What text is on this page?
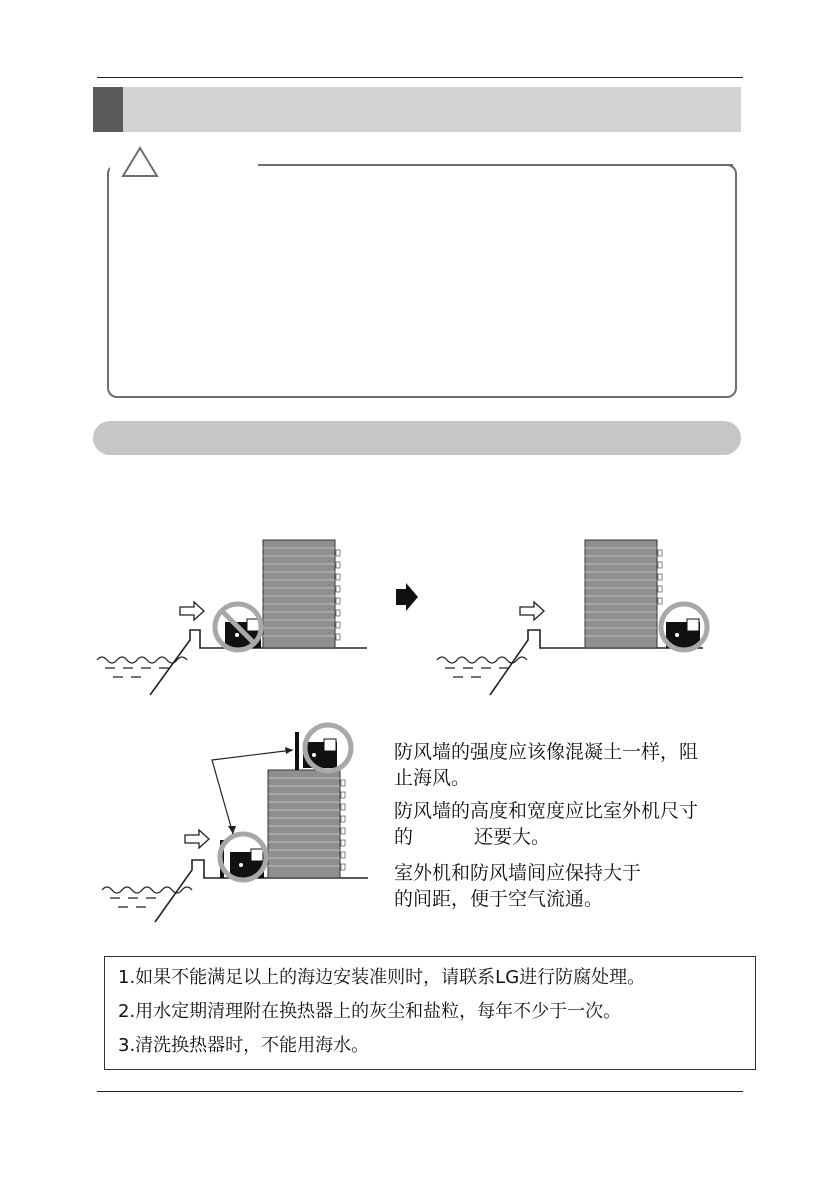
防风墙的强度应该像混凝土一样，阻
止海风。
防风墙的高度和宽度应比室外机尺寸
的	还要大。
室外机和防风墙间应保持大于
的间距，便于空气流通。
1.如果不能满足以上的海边安装准则时，请联系LG进行防腐处理。
2.用水定期清理附在换热器上的灰尘和盐粒，每年不少于一次。
3.清洗换热器时，不能用海水。
